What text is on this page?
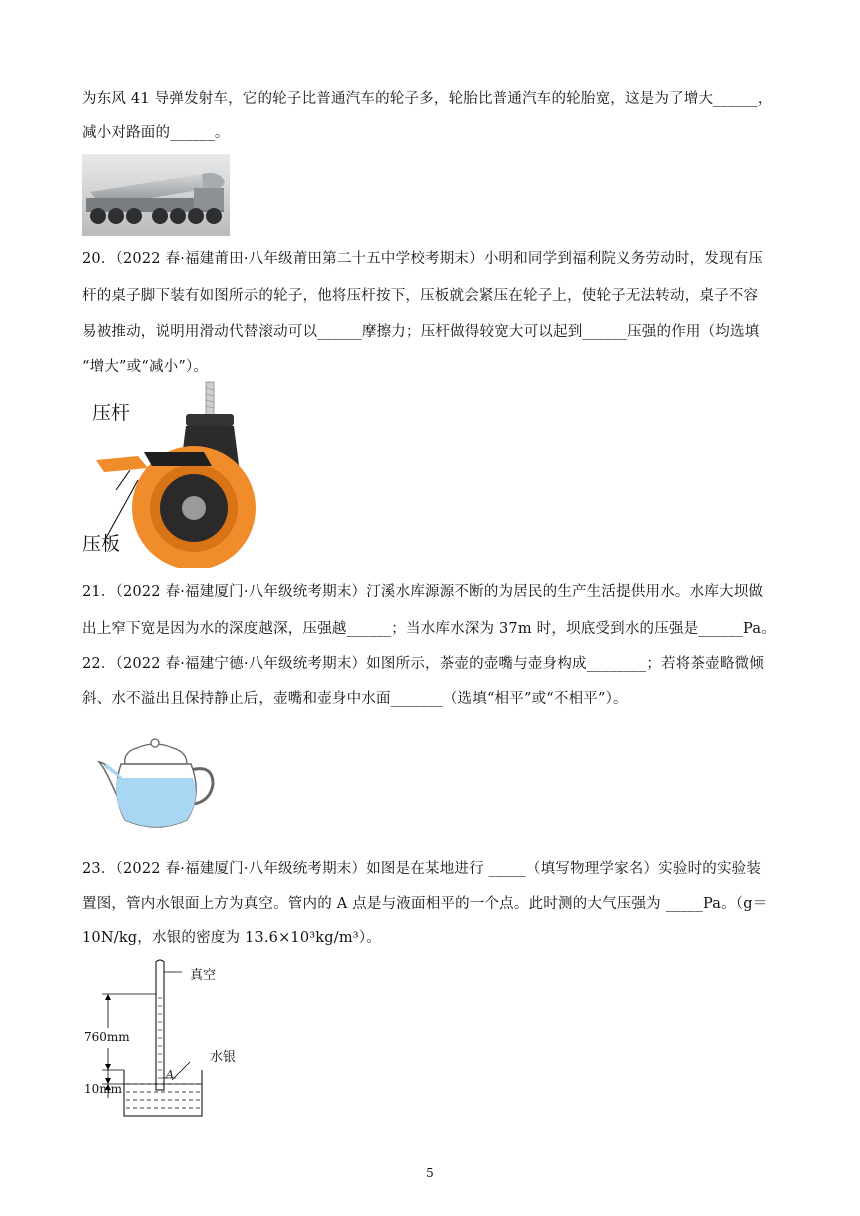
为东风 41 导弹发射车，它的轮子比普通汽车的轮子多，轮胎比普通汽车的轮胎宽，这是为了增大______，
减小对路面的______。
20．（2022 春·福建莆田·八年级莆田第二十五中学校考期末）小明和同学到福利院义务劳动时，发现有压
杆的桌子脚下装有如图所示的轮子，他将压杆按下，压板就会紧压在轮子上，使轮子无法转动，桌子不容
易被推动，说明用滑动代替滚动可以______摩擦力；压杆做得较宽大可以起到______压强的作用（均选填
“增大”或“减小”）。
压杆
压板
21．（2022 春·福建厦门·八年级统考期末）汀溪水库源源不断的为居民的生产生活提供用水。水库大坝做
出上窄下宽是因为水的深度越深，压强越______；当水库水深为 37m 时，坝底受到水的压强是______Pa。
22．（2022 春·福建宁德·八年级统考期末）如图所示，茶壶的壶嘴与壶身构成________；若将茶壶略微倾
斜、水不溢出且保持静止后，壶嘴和壶身中水面_______（选填“相平”或“不相平”）。
23．（2022 春·福建厦门·八年级统考期末）如图是在某地进行 _____（填写物理学家名）实验时的实验装
置图，管内水银面上方为真空。管内的 A 点是与液面相平的一个点。此时测的大气压强为 _____Pa。（g＝
10N/kg，水银的密度为 13.6×10³kg/m³）。
真空
760mm
水银
A
10mm
5
